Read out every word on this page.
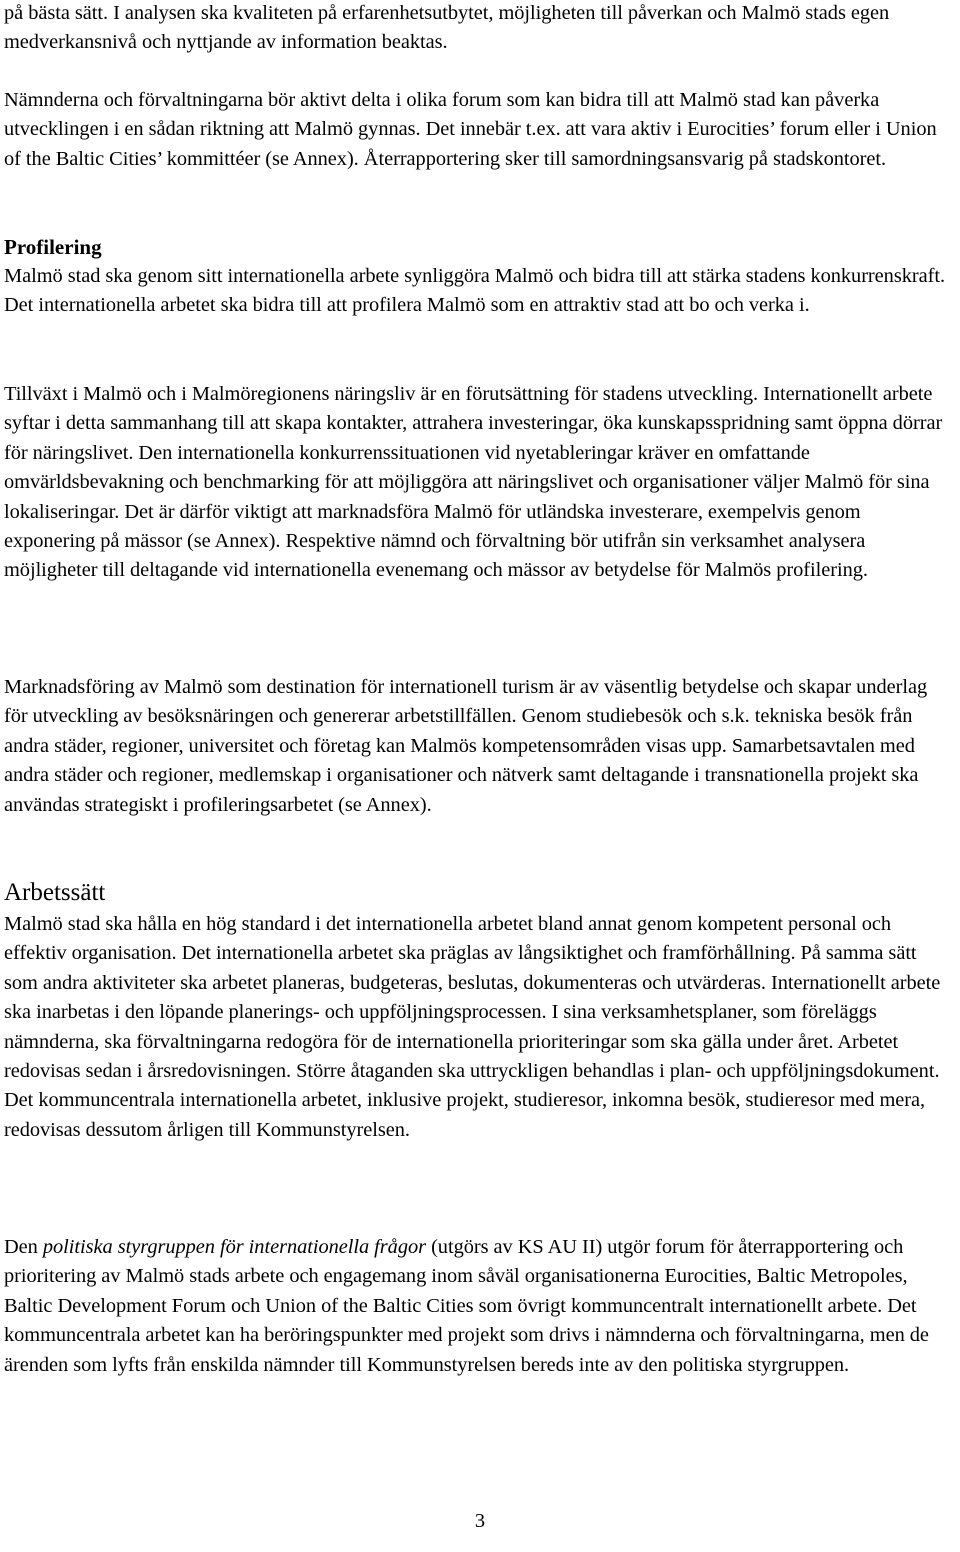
på bästa sätt. I analysen ska kvaliteten på erfarenhetsutbytet, möjligheten till påverkan och Malmö stads egen medverkansnivå och nyttjande av information beaktas.

Nämnderna och förvaltningarna bör aktivt delta i olika forum som kan bidra till att Malmö stad kan påverka utvecklingen i en sådan riktning att Malmö gynnas. Det innebär t.ex. att vara aktiv i Eurocities’ forum eller i Union of the Baltic Cities’ kommittéer (se Annex). Återrapportering sker till samordningsansvarig på stadskontoret.

Profilering

Malmö stad ska genom sitt internationella arbete synliggöra Malmö och bidra till att stärka stadens konkurrenskraft. Det internationella arbetet ska bidra till att profilera Malmö som en attraktiv stad att bo och verka i.

Tillväxt i Malmö och i Malmöregionens näringsliv är en förutsättning för stadens utveckling. Internationellt arbete syftar i detta sammanhang till att skapa kontakter, attrahera investeringar, öka kunskapsspridning samt öppna dörrar för näringslivet. Den internationella konkurrenssituationen vid nyetableringar kräver en omfattande omvärldsbevakning och benchmarking för att möjliggöra att näringslivet och organisationer väljer Malmö för sina lokaliseringar. Det är därför viktigt att marknadsföra Malmö för utländska investerare, exempelvis genom exponering på mässor (se Annex). Respektive nämnd och förvaltning bör utifrån sin verksamhet analysera möjligheter till deltagande vid internationella evenemang och mässor av betydelse för Malmös profilering.

Marknadsföring av Malmö som destination för internationell turism är av väsentlig betydelse och skapar underlag för utveckling av besöksnäringen och genererar arbetstillfällen. Genom studiebesök och s.k. tekniska besök från andra städer, regioner, universitet och företag kan Malmös kompetensområden visas upp. Samarbetsavtalen med andra städer och regioner, medlemskap i organisationer och nätverk samt deltagande i transnationella projekt ska användas strategiskt i profileringsarbetet (se Annex).

Arbetssätt

Malmö stad ska hålla en hög standard i det internationella arbetet bland annat genom kompetent personal och effektiv organisation. Det internationella arbetet ska präglas av långsiktighet och framförhållning. På samma sätt som andra aktiviteter ska arbetet planeras, budgeteras, beslutas, dokumenteras och utvärderas. Internationellt arbete ska inarbetas i den löpande planerings- och uppföljningsprocessen. I sina verksamhetsplaner, som föreläggs nämnderna, ska förvaltningarna redogöra för de internationella prioriteringar som ska gälla under året. Arbetet redovisas sedan i årsredovisningen. Större åtaganden ska uttryckligen behandlas i plan- och uppföljningsdokument. Det kommuncentrala internationella arbetet, inklusive projekt, studieresor, inkomna besök, studieresor med mera, redovisas dessutom årligen till Kommunstyrelsen.

Den politiska styrgruppen för internationella frågor (utgörs av KS AU II) utgör forum för återrapportering och prioritering av Malmö stads arbete och engagemang inom såväl organisationerna Eurocities, Baltic Metropoles, Baltic Development Forum och Union of the Baltic Cities som övrigt kommuncentralt internationellt arbete. Det kommuncentrala arbetet kan ha beröringspunkter med projekt som drivs i nämnderna och förvaltningarna, men de ärenden som lyfts från enskilda nämnder till Kommunstyrelsen bereds inte av den politiska styrgruppen.

3
